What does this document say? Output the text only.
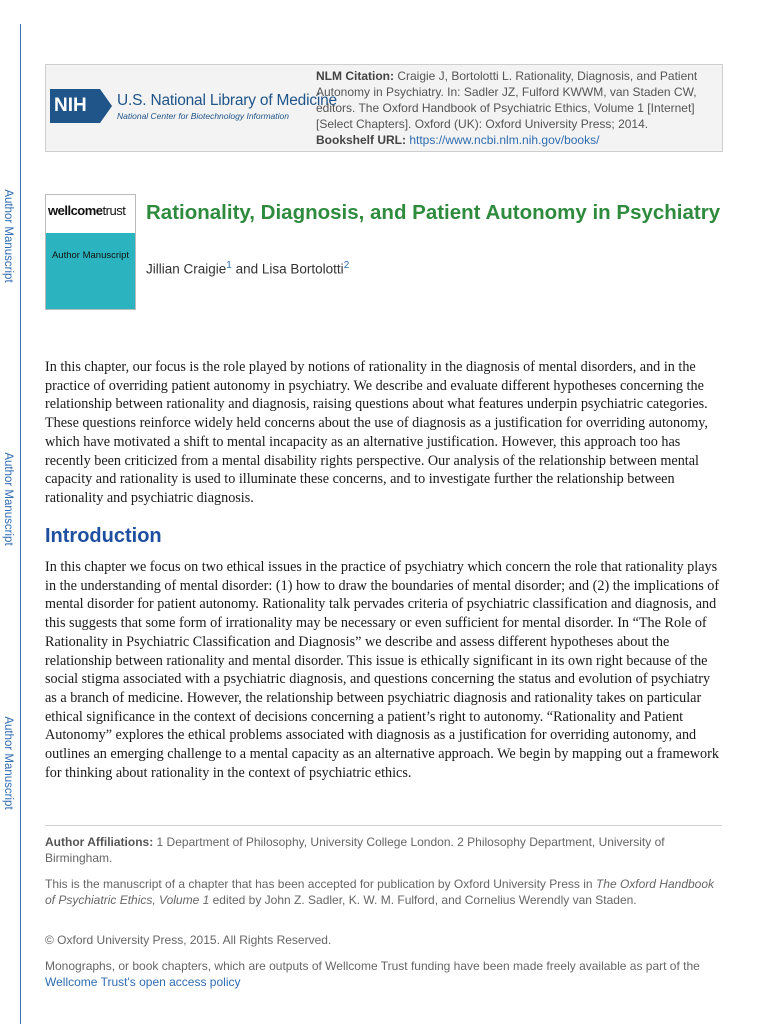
Author Manuscript
Author Manuscript
Author Manuscript
NIH	U.S. National Library of Medicine
National Center for Biotechnology Information
NLM Citation: Craigie J, Bortolotti L. Rationality, Diagnosis, and Patient Autonomy in Psychiatry. In: Sadler JZ, Fulford KWWM, van Staden CW, editors. The Oxford Handbook of Psychiatric Ethics, Volume 1 [Internet] [Select Chapters]. Oxford (UK): Oxford University Press; 2014.
Bookshelf URL: https://www.ncbi.nlm.nih.gov/books/
wellcometrust
Author Manuscript
Rationality, Diagnosis, and Patient Autonomy in Psychiatry
Jillian Craigie$^1$ and Lisa Bortolotti$^2$
In this chapter, our focus is the role played by notions of rationality in the diagnosis of mental disorders, and in the practice of overriding patient autonomy in psychiatry. We describe and evaluate different hypotheses concerning the relationship between rationality and diagnosis, raising questions about what features underpin psychiatric categories. These questions reinforce widely held concerns about the use of diagnosis as a justification for overriding autonomy, which have motivated a shift to mental incapacity as an alternative justification. However, this approach too has recently been criticized from a mental disability rights perspective. Our analysis of the relationship between mental capacity and rationality is used to illuminate these concerns, and to investigate further the relationship between rationality and psychiatric diagnosis.
Introduction
In this chapter we focus on two ethical issues in the practice of psychiatry which concern the role that rationality plays in the understanding of mental disorder: (1) how to draw the boundaries of mental disorder; and (2) the implications of mental disorder for patient autonomy. Rationality talk pervades criteria of psychiatric classification and diagnosis, and this suggests that some form of irrationality may be necessary or even sufficient for mental disorder. In “The Role of Rationality in Psychiatric Classification and Diagnosis” we describe and assess different hypotheses about the relationship between rationality and mental disorder. This issue is ethically significant in its own right because of the social stigma associated with a psychiatric diagnosis, and questions concerning the status and evolution of psychiatry as a branch of medicine. However, the relationship between psychiatric diagnosis and rationality takes on particular ethical significance in the context of decisions concerning a patient’s right to autonomy. “Rationality and Patient Autonomy” explores the ethical problems associated with diagnosis as a justification for overriding autonomy, and outlines an emerging challenge to a mental capacity as an alternative approach. We begin by mapping out a framework for thinking about rationality in the context of psychiatric ethics.
Author Affiliations: 1 Department of Philosophy, University College London. 2 Philosophy Department, University of Birmingham.
This is the manuscript of a chapter that has been accepted for publication by Oxford University Press in The Oxford Handbook of Psychiatric Ethics, Volume 1 edited by John Z. Sadler, K. W. M. Fulford, and Cornelius Werendly van Staden.
© Oxford University Press, 2015. All Rights Reserved.
Monographs, or book chapters, which are outputs of Wellcome Trust funding have been made freely available as part of the Wellcome Trust's open access policy
